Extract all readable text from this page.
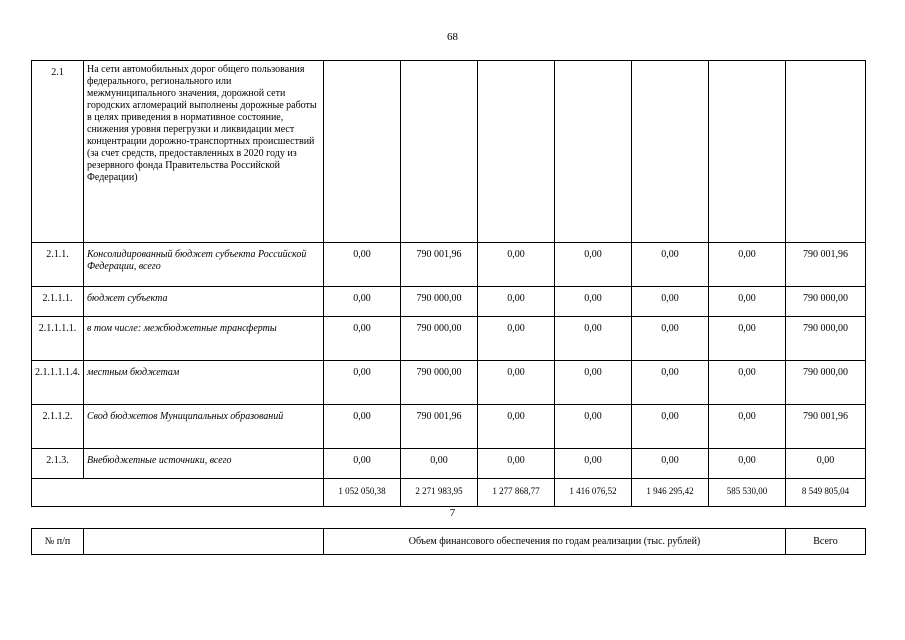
68
2.1	На сети автомобильных дорог общего пользования федерального, регионального или межмуниципального значения, дорожной сети городских агломераций выполнены дорожные работы в целях приведения в нормативное состояние, снижения уровня перегрузки и ликвидации мест концентрации дорожно-транспортных происшествий (за счет средств, предоставленных в 2020 году из резервного фонда Правительства Российской Федерации)							
2.1.1.	Консолидированный бюджет субъекта Российской Федерации, всего	0,00	790 001,96	0,00	0,00	0,00	0,00	790 001,96
2.1.1.1.	бюджет субъекта	0,00	790 000,00	0,00	0,00	0,00	0,00	790 000,00
2.1.1.1.1.	в том числе: межбюджетные трансферты	0,00	790 000,00	0,00	0,00	0,00	0,00	790 000,00
2.1.1.1.1.4.	местным бюджетам	0,00	790 000,00	0,00	0,00	0,00	0,00	790 000,00
2.1.1.2.	Свод бюджетов Муниципальных образований	0,00	790 001,96	0,00	0,00	0,00	0,00	790 001,96
2.1.3.	Внебюджетные источники, всего	0,00	0,00	0,00	0,00	0,00	0,00	0,00
		1 052 050,38	2 271 983,95	1 277 868,77	1 416 076,52	1 946 295,42	585 530,00	8 549 805,04
7
№ п/п		Объем финансового обеспечения по годам реализации (тыс. рублей)	Всего
